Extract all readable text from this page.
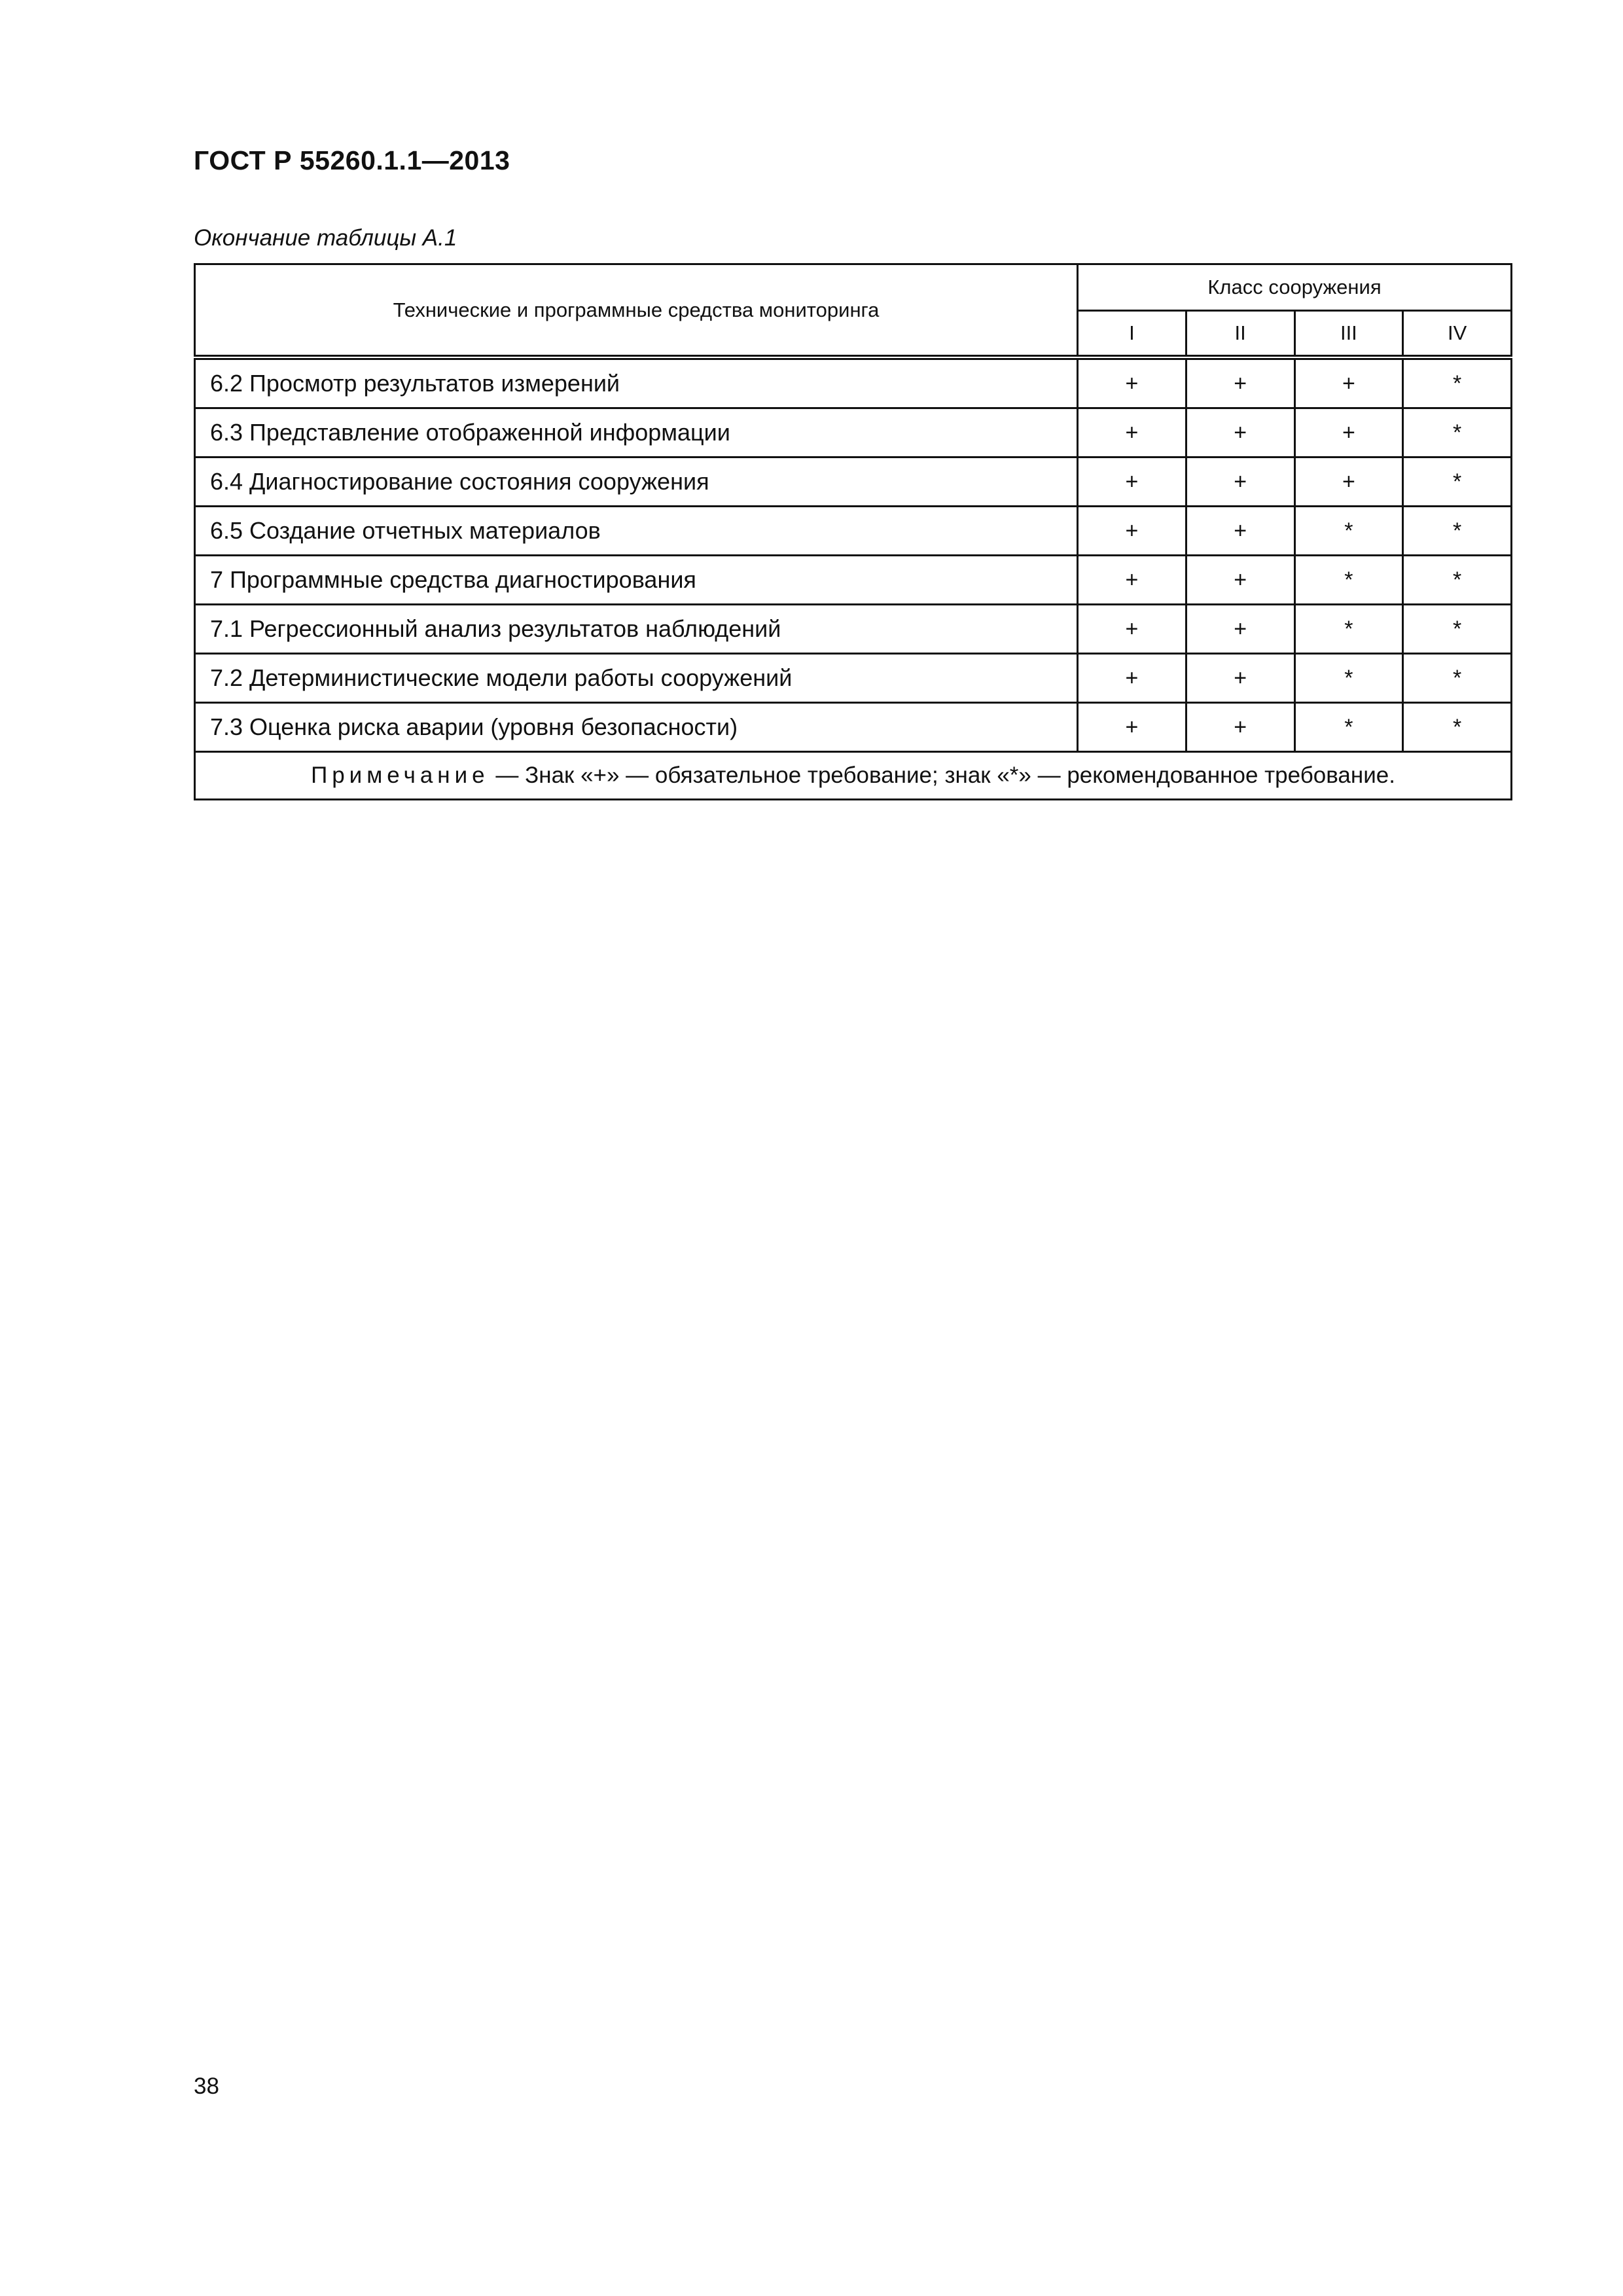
ГОСТ Р 55260.1.1—2013
Окончание таблицы А.1
Технические и программные средства мониторинга	Класс сооружения			
	I	II	III	IV
6.2 Просмотр результатов измерений	+	+	+	*
6.3 Представление отображенной информации	+	+	+	*
6.4 Диагностирование состояния сооружения	+	+	+	*
6.5 Создание отчетных материалов	+	+	*	*
7 Программные средства диагностирования	+	+	*	*
7.1 Регрессионный анализ результатов наблюдений	+	+	*	*
7.2 Детерминистические модели работы сооружений	+	+	*	*
7.3 Оценка риска аварии (уровня безопасности)	+	+	*	*
Примечание — Знак «+» — обязательное требование; знак «*» — рекомендованное требование.				
38
